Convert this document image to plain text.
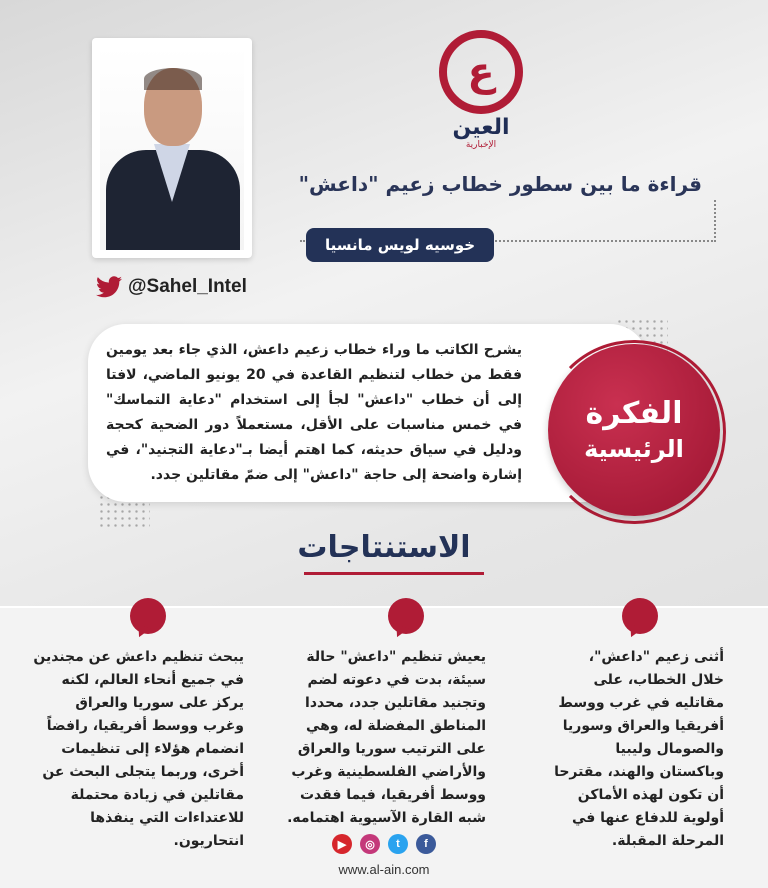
@Sahel_Intel
ع
العين
الإخبارية
قراءة ما بين سطور خطاب زعيم "داعش"
خوسيه لويس مانسيا
يشرح الكاتب ما وراء خطاب زعيم داعش، الذي جاء بعد يومين فقط من خطاب لتنظيم القاعدة في 20 يونيو الماضي، لافتا إلى أن خطاب "داعش" لجأ إلى استخدام "دعاية التماسك" في خمس مناسبات على الأقل، مستعملاً دور الضحية كحجة ودليل في سياق حديثه، كما اهتم أيضا بـ"دعاية التجنيد"، في إشارة واضحة إلى حاجة "داعش" إلى ضمّ مقاتلين جدد.
الفكرة
الرئيسية
الاستنتاجات
أثنى زعيم "داعش"، خلال الخطاب، على مقاتليه في غرب ووسط أفريقيا والعراق وسوريا والصومال وليبيا وباكستان والهند، مقترحا أن تكون لهذه الأماكن أولوية للدفاع عنها في المرحلة المقبلة.
يعيش تنظيم "داعش" حالة سيئة، بدت في دعوته لضم وتجنيد مقاتلين جدد، محددا المناطق المفضلة له، وهي على الترتيب سوريا والعراق والأراضي الفلسطينية وغرب ووسط أفريقيا، فيما فقدت شبه القارة الآسيوية اهتمامه.
يبحث تنظيم داعش عن مجندين في جميع أنحاء العالم، لكنه يركز على سوريا والعراق وغرب ووسط أفريقيا، رافضاً انضمام هؤلاء إلى تنظيمات أخرى، وربما يتجلى البحث عن مقاتلين في زيادة محتملة للاعتداءات التي ينفذها انتحاريون.	▶	◎	t	f
www.al-ain.com
